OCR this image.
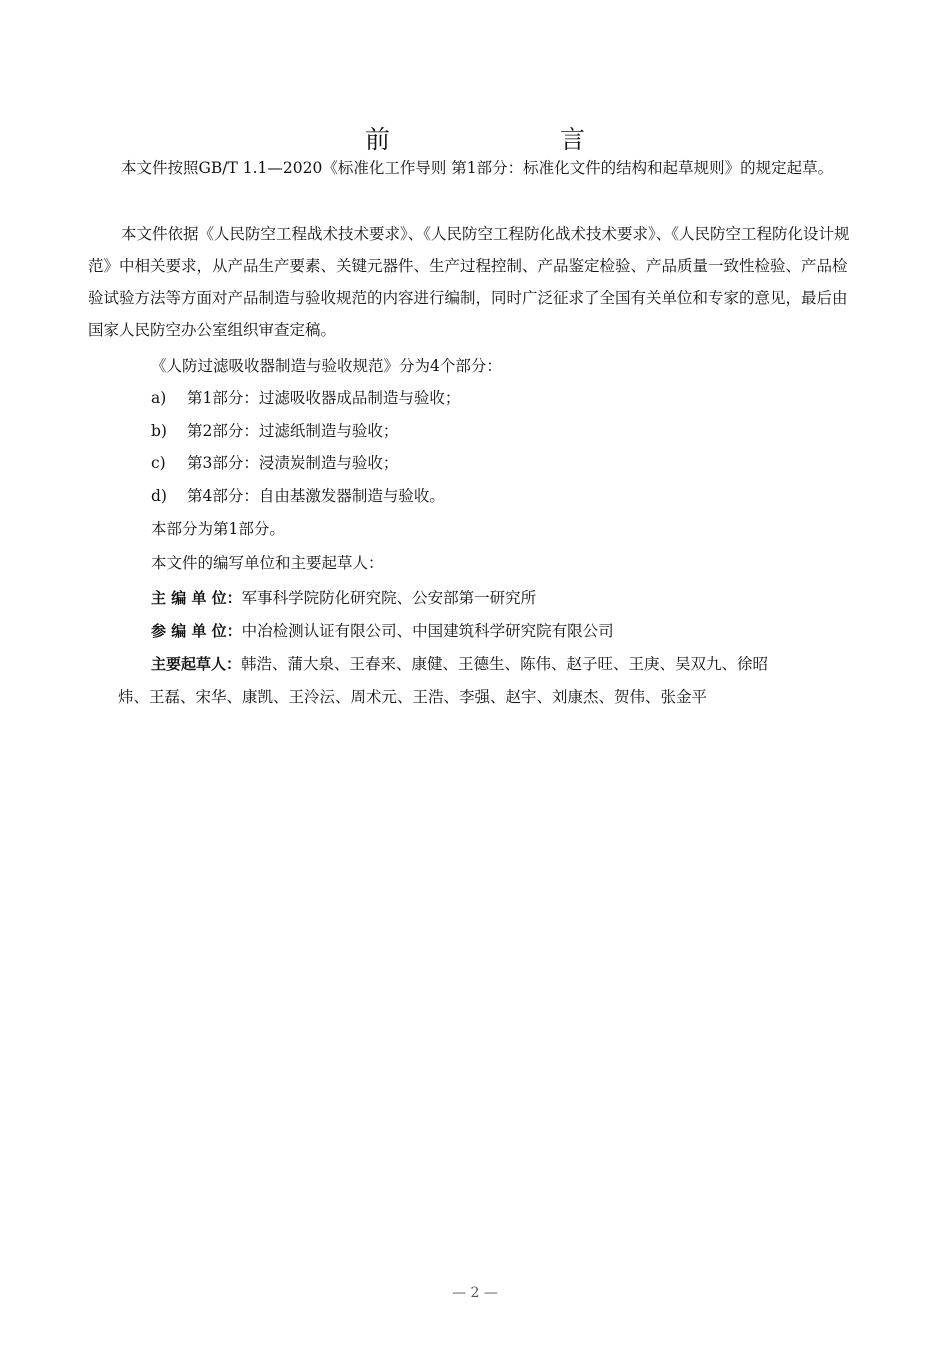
前　　言

本文件按照GB/T 1.1—2020《标准化工作导则 第1部分：标准化文件的结构和起草规则》的规定起草。

本文件依据《人民防空工程战术技术要求》、《人民防空工程防化战术技术要求》、《人民防空工程防化设计规范》中相关要求，从产品生产要素、关键元器件、生产过程控制、产品鉴定检验、产品质量一致性检验、产品检验试验方法等方面对产品制造与验收规范的内容进行编制，同时广泛征求了全国有关单位和专家的意见，最后由国家人民防空办公室组织审查定稿。

《人防过滤吸收器制造与验收规范》分为4个部分：
a) 第1部分：过滤吸收器成品制造与验收；
b) 第2部分：过滤纸制造与验收；
c) 第3部分：浸渍炭制造与验收；
d) 第4部分：自由基激发器制造与验收。
本部分为第1部分。
本文件的编写单位和主要起草人：
主 编 单 位：军事科学院防化研究院、公安部第一研究所
参 编 单 位：中冶检测认证有限公司、中国建筑科学研究院有限公司
主要起草人：韩浩、蒲大泉、王春来、康健、王德生、陈伟、赵子旺、王庚、吴双九、徐昭
炜、王磊、宋华、康凯、王泠沄、周术元、王浩、李强、赵宇、刘康杰、贺伟、张金平
— 2 —
